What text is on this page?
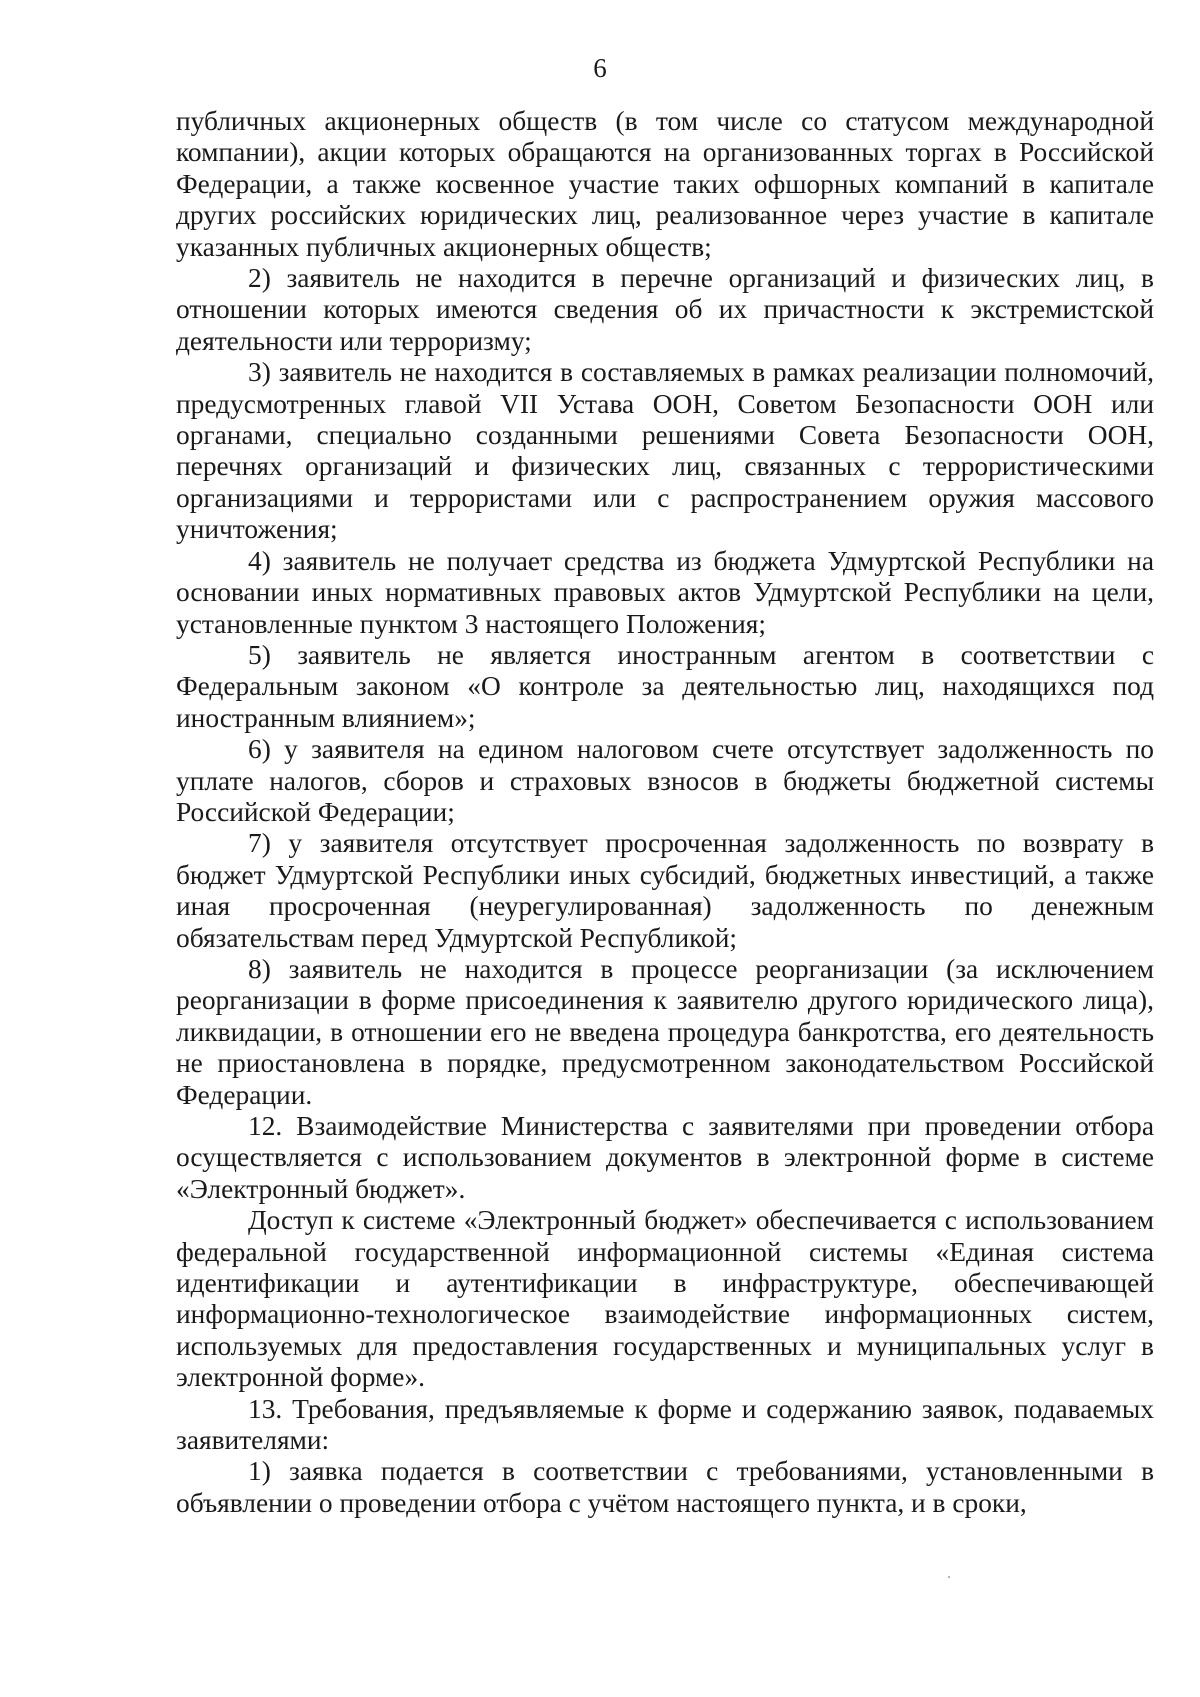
6

публичных акционерных обществ (в том числе со статусом международной компании), акции которых обращаются на организованных торгах в Российской Федерации, а также косвенное участие таких офшорных компаний в капитале других российских юридических лиц, реализованное через участие в капитале указанных публичных акционерных обществ;

2) заявитель не находится в перечне организаций и физических лиц, в отношении которых имеются сведения об их причастности к экстремистской деятельности или терроризму;

3) заявитель не находится в составляемых в рамках реализации полномочий, предусмотренных главой VII Устава ООН, Советом Безопасности ООН или органами, специально созданными решениями Совета Безопасности ООН, перечнях организаций и физических лиц, связанных с террористическими организациями и террористами или с распространением оружия массового уничтожения;

4) заявитель не получает средства из бюджета Удмуртской Республики на основании иных нормативных правовых актов Удмуртской Республики на цели, установленные пунктом 3 настоящего Положения;

5) заявитель не является иностранным агентом в соответствии с Федеральным законом «О контроле за деятельностью лиц, находящихся под иностранным влиянием»;

6) у заявителя на едином налоговом счете отсутствует задолженность по уплате налогов, сборов и страховых взносов в бюджеты бюджетной системы Российской Федерации;

7) у заявителя отсутствует просроченная задолженность по возврату в бюджет Удмуртской Республики иных субсидий, бюджетных инвестиций, а также иная просроченная (неурегулированная) задолженность по денежным обязательствам перед Удмуртской Республикой;

8) заявитель не находится в процессе реорганизации (за исключением реорганизации в форме присоединения к заявителю другого юридического лица), ликвидации, в отношении его не введена процедура банкротства, его деятельность не приостановлена в порядке, предусмотренном законодательством Российской Федерации.

12. Взаимодействие Министерства с заявителями при проведении отбора осуществляется с использованием документов в электронной форме в системе «Электронный бюджет».

Доступ к системе «Электронный бюджет» обеспечивается с использованием федеральной государственной информационной системы «Единая система идентификации и аутентификации в инфраструктуре, обеспечивающей информационно-технологическое взаимодействие информационных систем, используемых для предоставления государственных и муниципальных услуг в электронной форме».

13. Требования, предъявляемые к форме и содержанию заявок, подаваемых заявителями:

1) заявка подается в соответствии с требованиями, установленными в объявлении о проведении отбора с учётом настоящего пункта, и в сроки,
